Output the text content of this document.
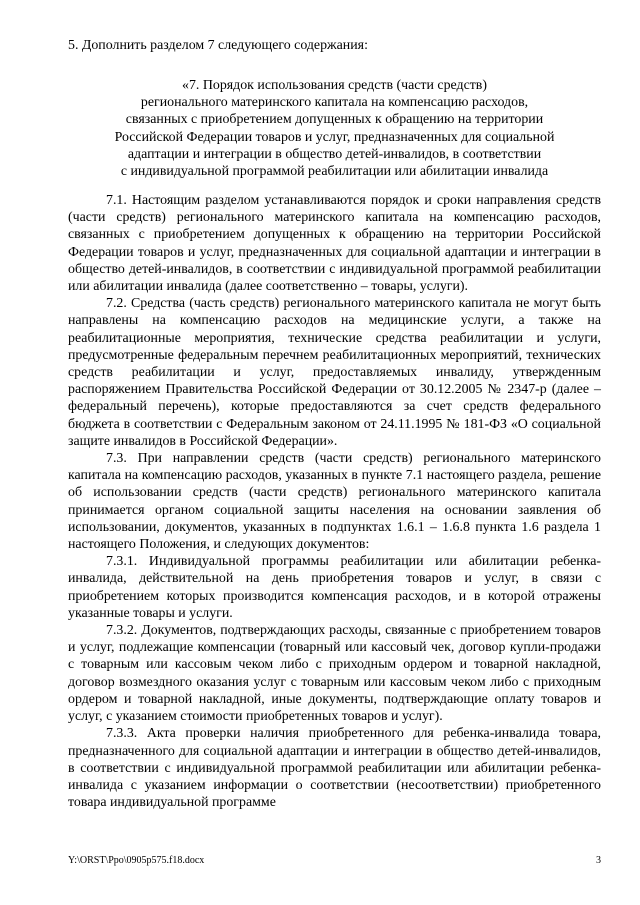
5. Дополнить разделом 7 следующего содержания:
«7. Порядок использования средств (части средств)
регионального материнского капитала на компенсацию расходов,
связанных с приобретением допущенных к обращению на территории
Российской Федерации товаров и услуг, предназначенных для социальной
адаптации и интеграции в общество детей-инвалидов, в соответствии
с индивидуальной программой реабилитации или абилитации инвалида

7.1. Настоящим разделом устанавливаются порядок и сроки направления средств (части средств) регионального материнского капитала на компенсацию расходов, связанных с приобретением допущенных к обращению на территории Российской Федерации товаров и услуг, предназначенных для социальной адаптации и интеграции в общество детей-инвалидов, в соответствии с индивидуальной программой реабилитации или абилитации инвалида (далее соответственно – товары, услуги).

7.2. Средства (часть средств) регионального материнского капитала не могут быть направлены на компенсацию расходов на медицинские услуги, а также на реабилитационные мероприятия, технические средства реабилитации и услуги, предусмотренные федеральным перечнем реабилитационных мероприятий, технических средств реабилитации и услуг, предоставляемых инвалиду, утвержденным распоряжением Правительства Российской Федерации от 30.12.2005 № 2347-р (далее – федеральный перечень), которые предоставляются за счет средств федерального бюджета в соответствии с Федеральным законом от 24.11.1995 № 181-ФЗ «О социальной защите инвалидов в Российской Федерации».

7.3. При направлении средств (части средств) регионального материнского капитала на компенсацию расходов, указанных в пункте 7.1 настоящего раздела, решение об использовании средств (части средств) регионального материнского капитала принимается органом социальной защиты населения на основании заявления об использовании, документов, указанных в подпунктах 1.6.1 – 1.6.8 пункта 1.6 раздела 1 настоящего Положения, и следующих документов:

7.3.1. Индивидуальной программы реабилитации или абилитации ребенка-инвалида, действительной на день приобретения товаров и услуг, в связи с приобретением которых производится компенсация расходов, и в которой отражены указанные товары и услуги.

7.3.2. Документов, подтверждающих расходы, связанные с приобретением товаров и услуг, подлежащие компенсации (товарный или кассовый чек, договор купли-продажи с товарным или кассовым чеком либо с приходным ордером и товарной накладной, договор возмездного оказания услуг с товарным или кассовым чеком либо с приходным ордером и товарной накладной, иные документы, подтверждающие оплату товаров и услуг, с указанием стоимости приобретенных товаров и услуг).

7.3.3. Акта проверки наличия приобретенного для ребенка-инвалида товара, предназначенного для социальной адаптации и интеграции в общество детей-инвалидов, в соответствии с индивидуальной программой реабилитации или абилитации ребенка-инвалида с указанием информации о соответствии (несоответствии) приобретенного товара индивидуальной программе

Y:\ORST\Ppo\0905p575.f18.docx	3
